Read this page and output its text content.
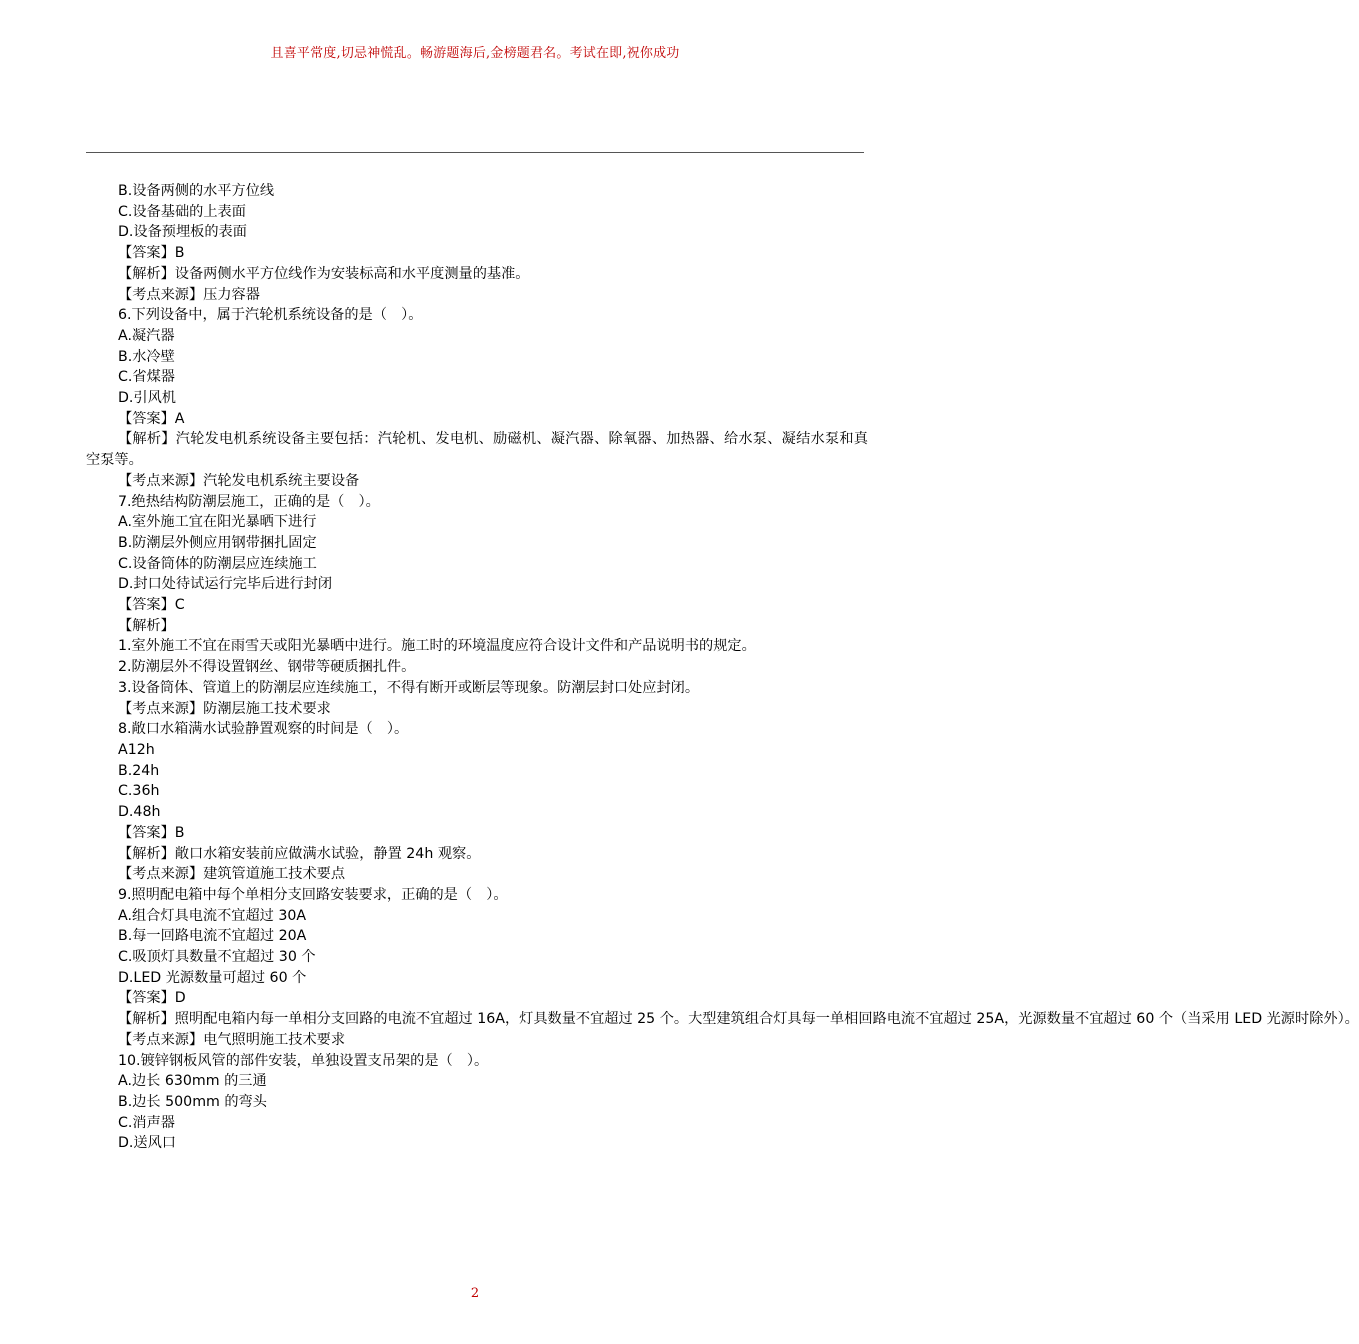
且喜平常度,切忌神慌乱。畅游题海后,金榜题君名。考试在即,祝你成功
B.设备两侧的水平方位线
C.设备基础的上表面
D.设备预埋板的表面
【答案】B
【解析】设备两侧水平方位线作为安装标高和水平度测量的基准。
【考点来源】压力容器
6.下列设备中，属于汽轮机系统设备的是（　）。
A.凝汽器
B.水冷壁
C.省煤器
D.引风机
【答案】A
【解析】汽轮发电机系统设备主要包括：汽轮机、发电机、励磁机、凝汽器、除氧器、加热器、给水泵、凝结水泵和真空泵等。
【考点来源】汽轮发电机系统主要设备
7.绝热结构防潮层施工，正确的是（　）。
A.室外施工宜在阳光暴晒下进行
B.防潮层外侧应用钢带捆扎固定
C.设备筒体的防潮层应连续施工
D.封口处待试运行完毕后进行封闭
【答案】C
【解析】
1.室外施工不宜在雨雪天或阳光暴晒中进行。施工时的环境温度应符合设计文件和产品说明书的规定。
2.防潮层外不得设置钢丝、钢带等硬质捆扎件。
3.设备筒体、管道上的防潮层应连续施工，不得有断开或断层等现象。防潮层封口处应封闭。
【考点来源】防潮层施工技术要求
8.敞口水箱满水试验静置观察的时间是（　）。
A12h
B.24h
C.36h
D.48h
【答案】B
【解析】敞口水箱安装前应做满水试验，静置 24h 观察。
【考点来源】建筑管道施工技术要点
9.照明配电箱中每个单相分支回路安装要求，正确的是（　）。
A.组合灯具电流不宜超过 30A
B.每一回路电流不宜超过 20A
C.吸顶灯具数量不宜超过 30 个
D.LED 光源数量可超过 60 个
【答案】D
【解析】照明配电箱内每一单相分支回路的电流不宜超过 16A，灯具数量不宜超过 25 个。大型建筑组合灯具每一单相回路电流不宜超过 25A，光源数量不宜超过 60 个（当采用 LED 光源时除外）。
【考点来源】电气照明施工技术要求
10.镀锌钢板风管的部件安装，单独设置支吊架的是（　）。
A.边长 630mm 的三通
B.边长 500mm 的弯头
C.消声器
D.送风口
2
